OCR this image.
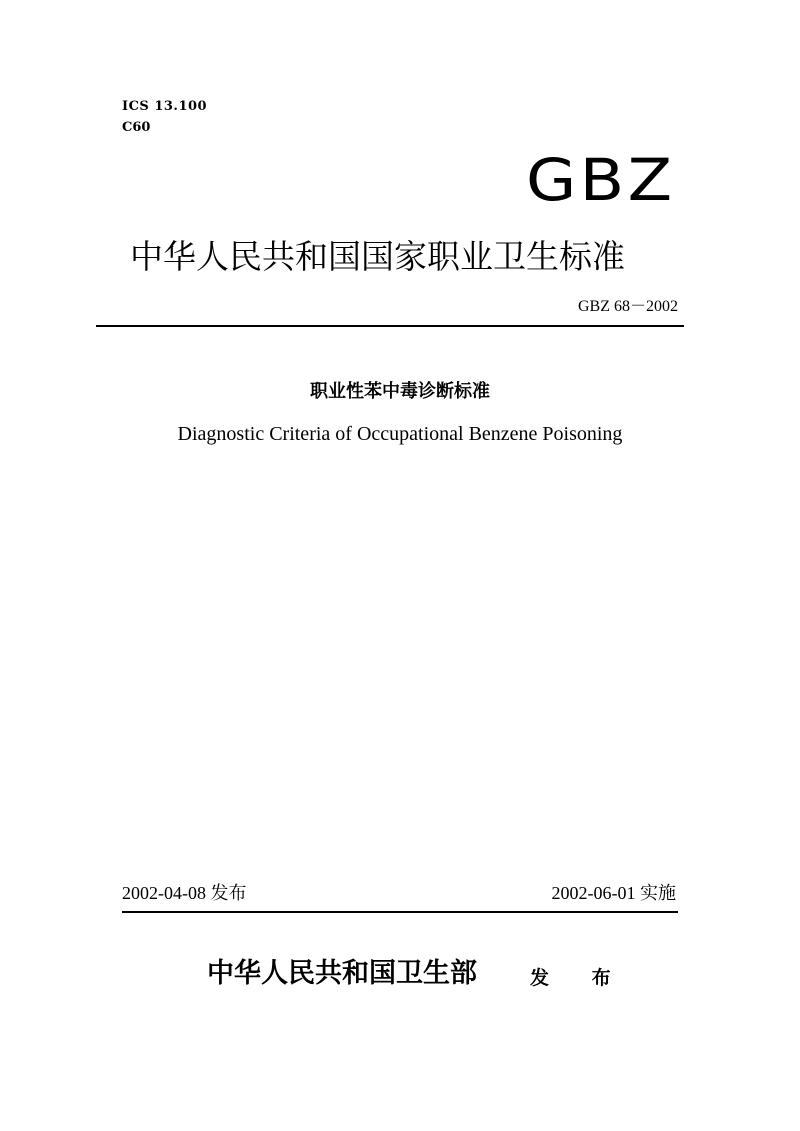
ICS 13.100
C60
GBZ
中华人民共和国国家职业卫生标准
GBZ 68－2002
职业性苯中毒诊断标准
Diagnostic Criteria of Occupational Benzene Poisoning
2002-04-08 发布	2002-06-01 实施
中华人民共和国卫生部	发 布
